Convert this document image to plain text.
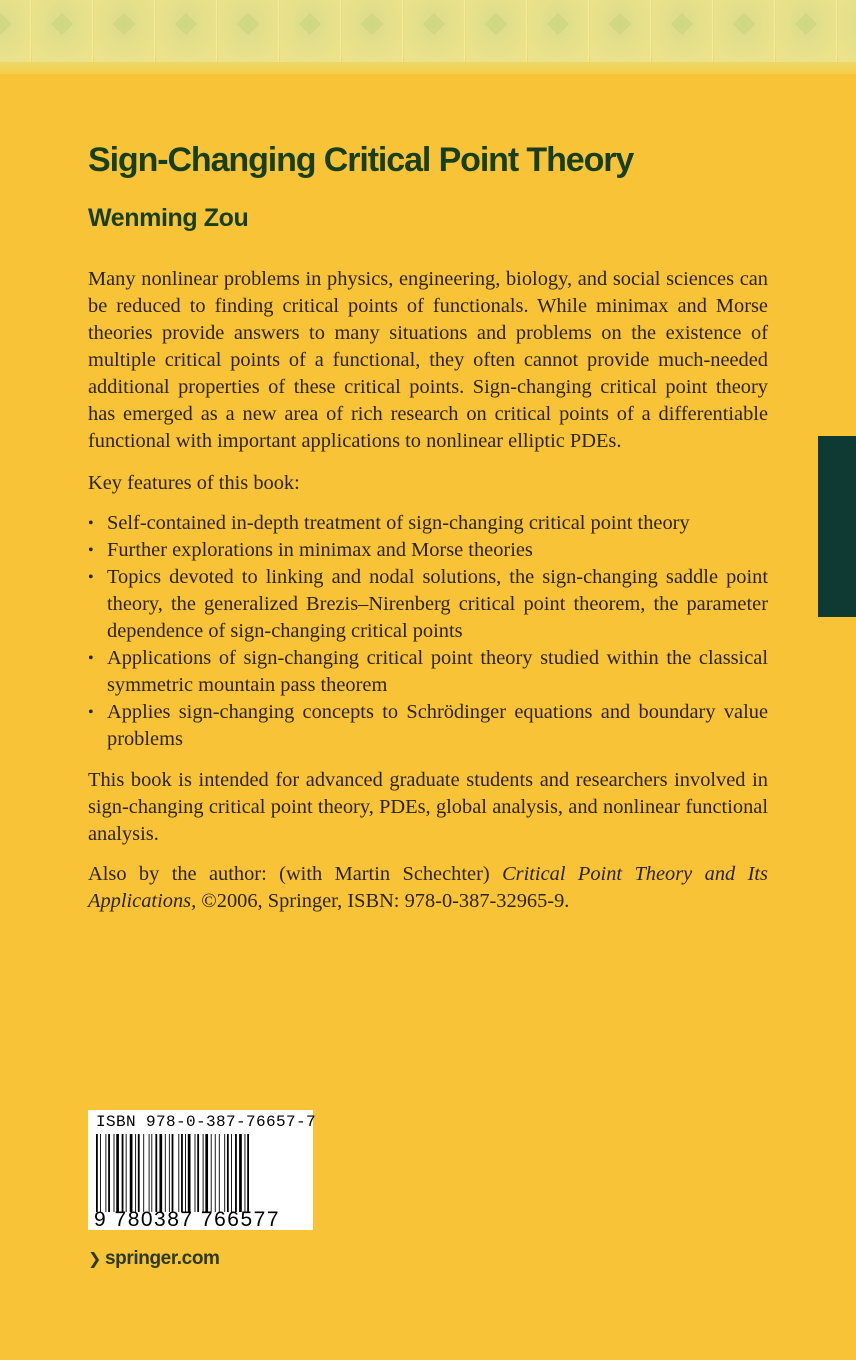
Sign-Changing Critical Point Theory
Wenming Zou

Many nonlinear problems in physics, engineering, biology, and social sciences can be reduced to finding critical points of functionals. While minimax and Morse theories provide answers to many situations and problems on the existence of multiple critical points of a functional, they often cannot provide much-needed additional properties of these critical points. Sign-changing critical point theory has emerged as a new area of rich research on critical points of a differentiable functional with important applications to nonlinear elliptic PDEs.

Key features of this book:

• Self-contained in-depth treatment of sign-changing critical point theory
• Further explorations in minimax and Morse theories
• Topics devoted to linking and nodal solutions, the sign-changing saddle point theory, the generalized Brezis–Nirenberg critical point theorem, the parameter dependence of sign-changing critical points
• Applications of sign-changing critical point theory studied within the classical symmetric mountain pass theorem
• Applies sign-changing concepts to Schrödinger equations and boundary value problems

This book is intended for advanced graduate students and researchers involved in sign-changing critical point theory, PDEs, global analysis, and nonlinear functional analysis.

Also by the author: (with Martin Schechter) Critical Point Theory and Its Applications, ©2006, Springer, ISBN: 978-0-387-32965-9.

ISBN 978-0-387-76657-7
9 780387 766577
❯ springer.com
